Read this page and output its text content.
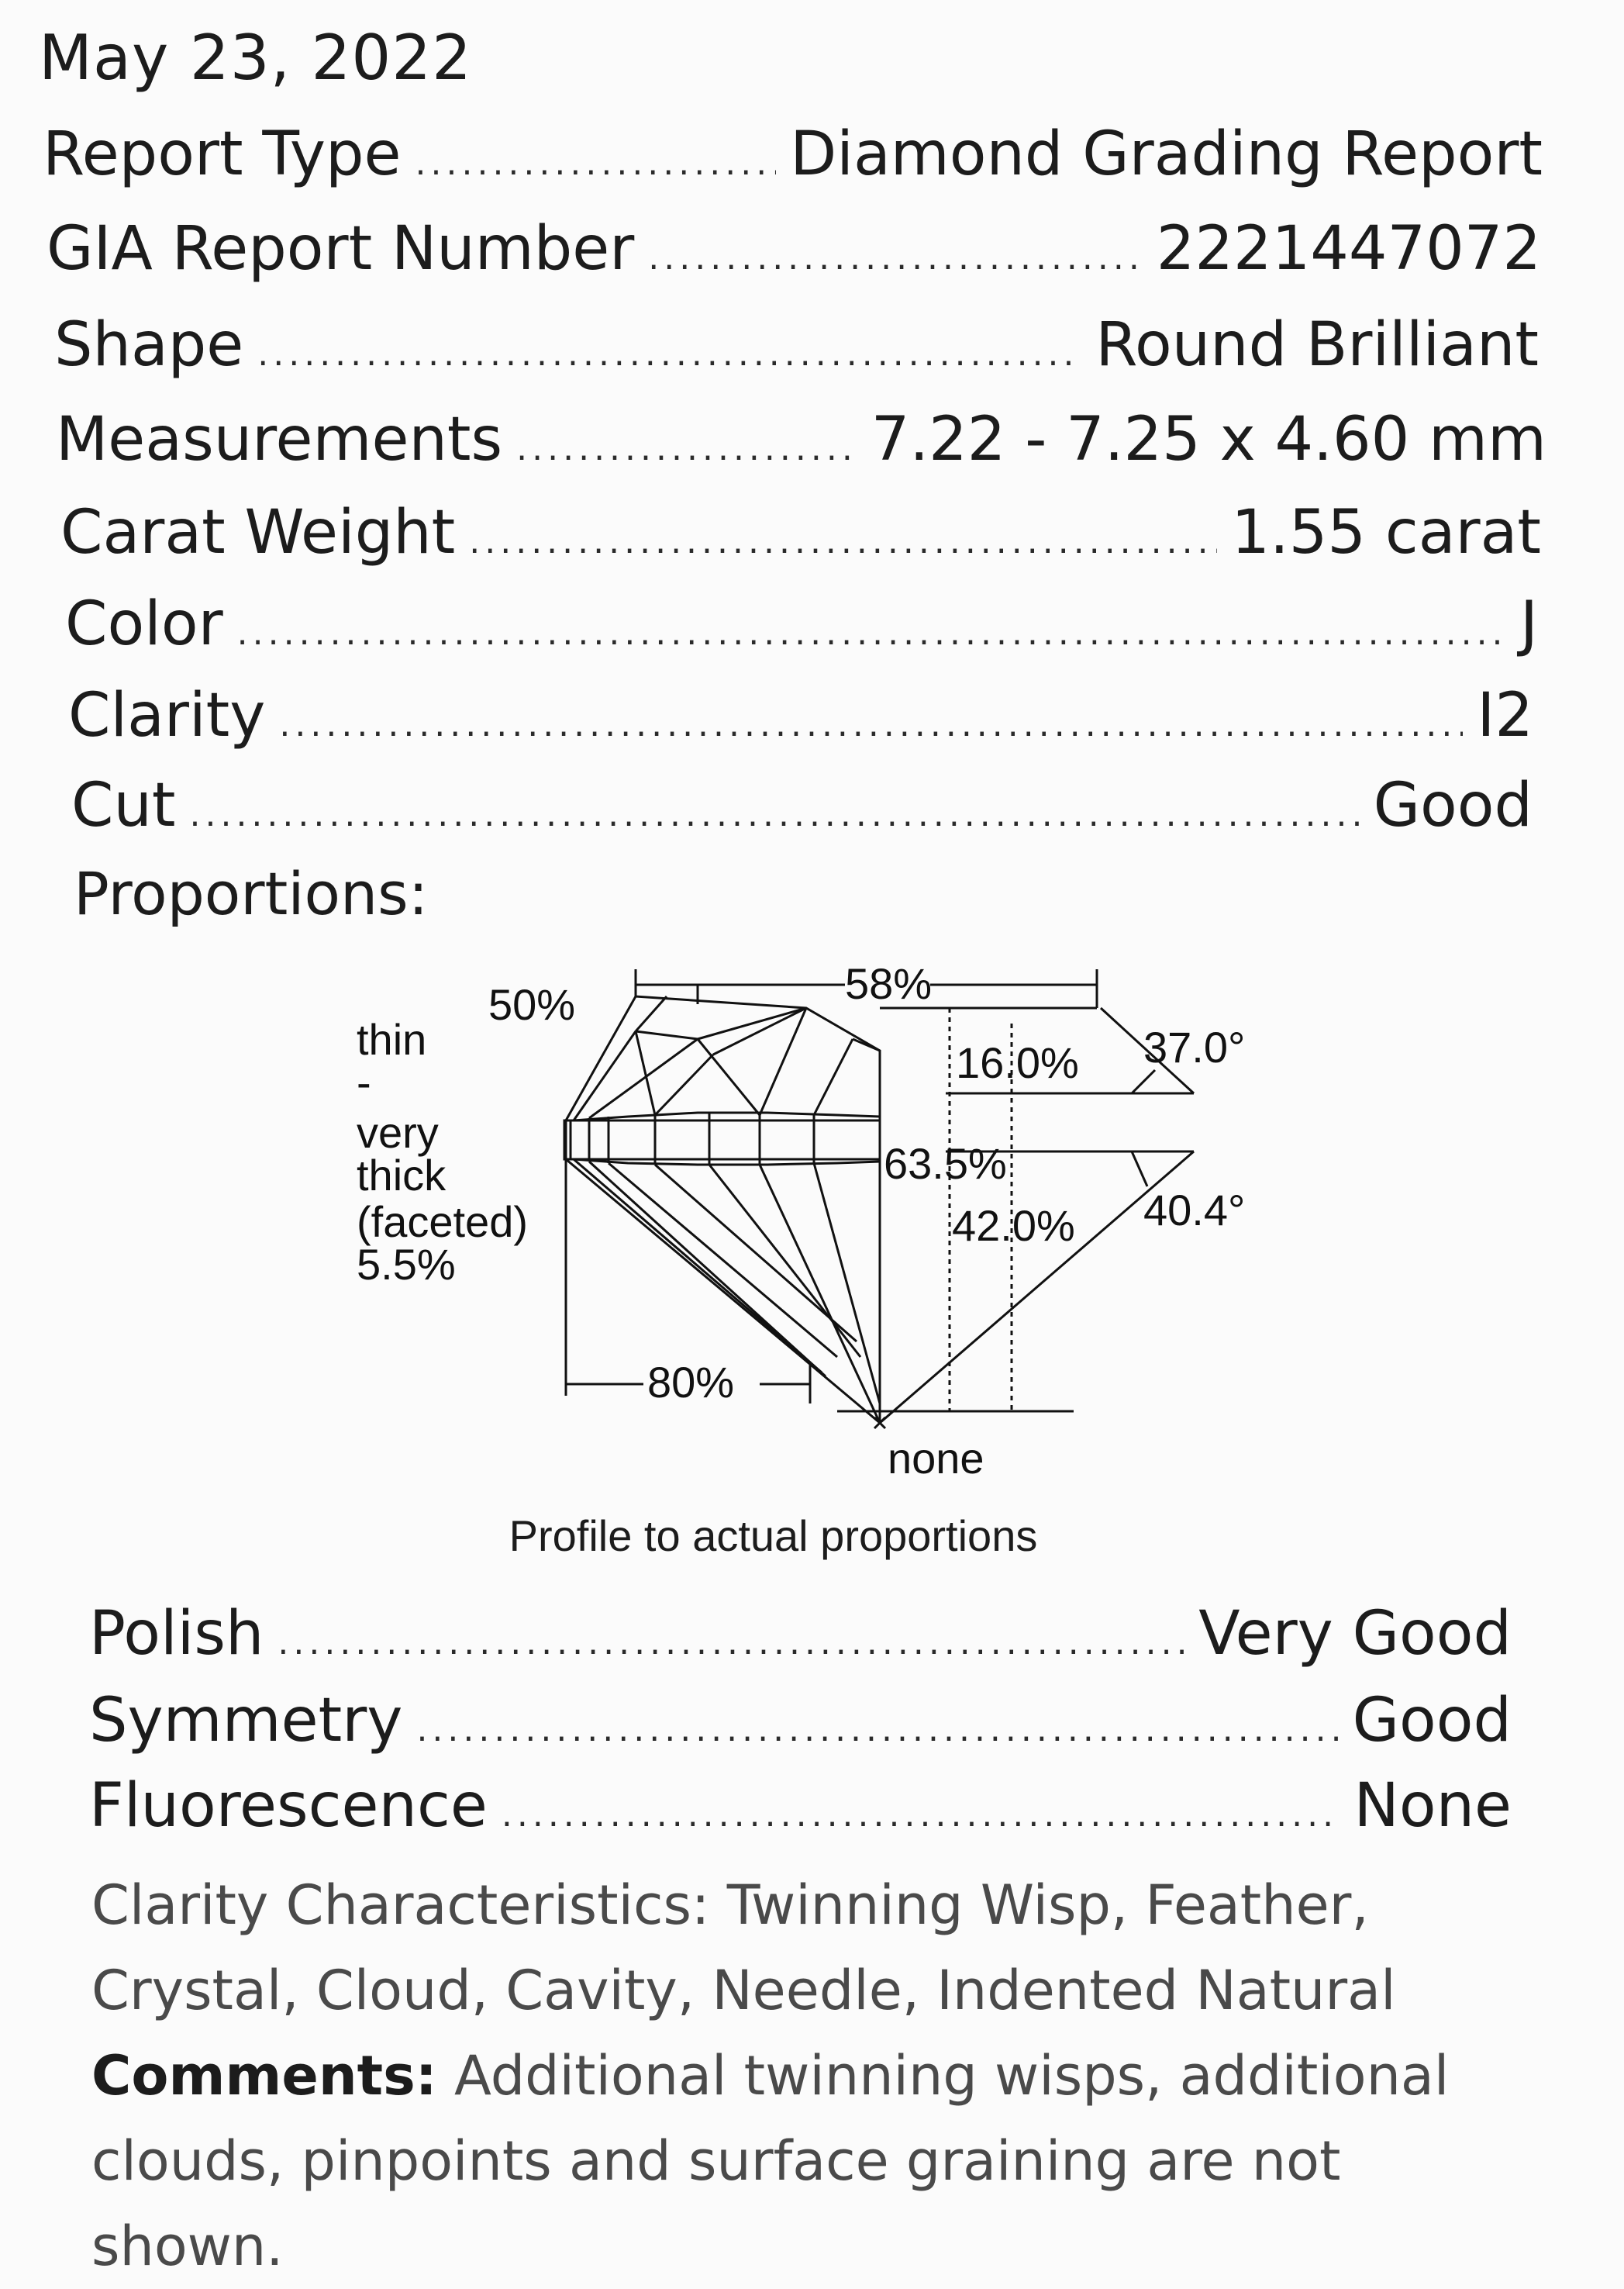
May 23, 2022
Report Type .....	Diamond Grading Report
GIA Report Number .....	2221447072
Shape .....	Round Brilliant
Measurements .....	7.22 - 7.25 x 4.60 mm
Carat Weight .....	1.55 carat
Color .....	J
Clarity .....	I2
Cut .....	Good
Proportions:
50%	58%
16.0% 37.0°
thin
-
very
thick
(faceted)
5.5%
63.5%
42.0% 40.4°
80%
none
Profile to actual proportions
Polish .....	Very Good
Symmetry .....	Good
Fluorescence .....	None
Clarity Characteristics: Twinning Wisp, Feather,
Crystal, Cloud, Cavity, Needle, Indented Natural
Comments: Additional twinning wisps, additional
clouds, pinpoints and surface graining are not shown.
